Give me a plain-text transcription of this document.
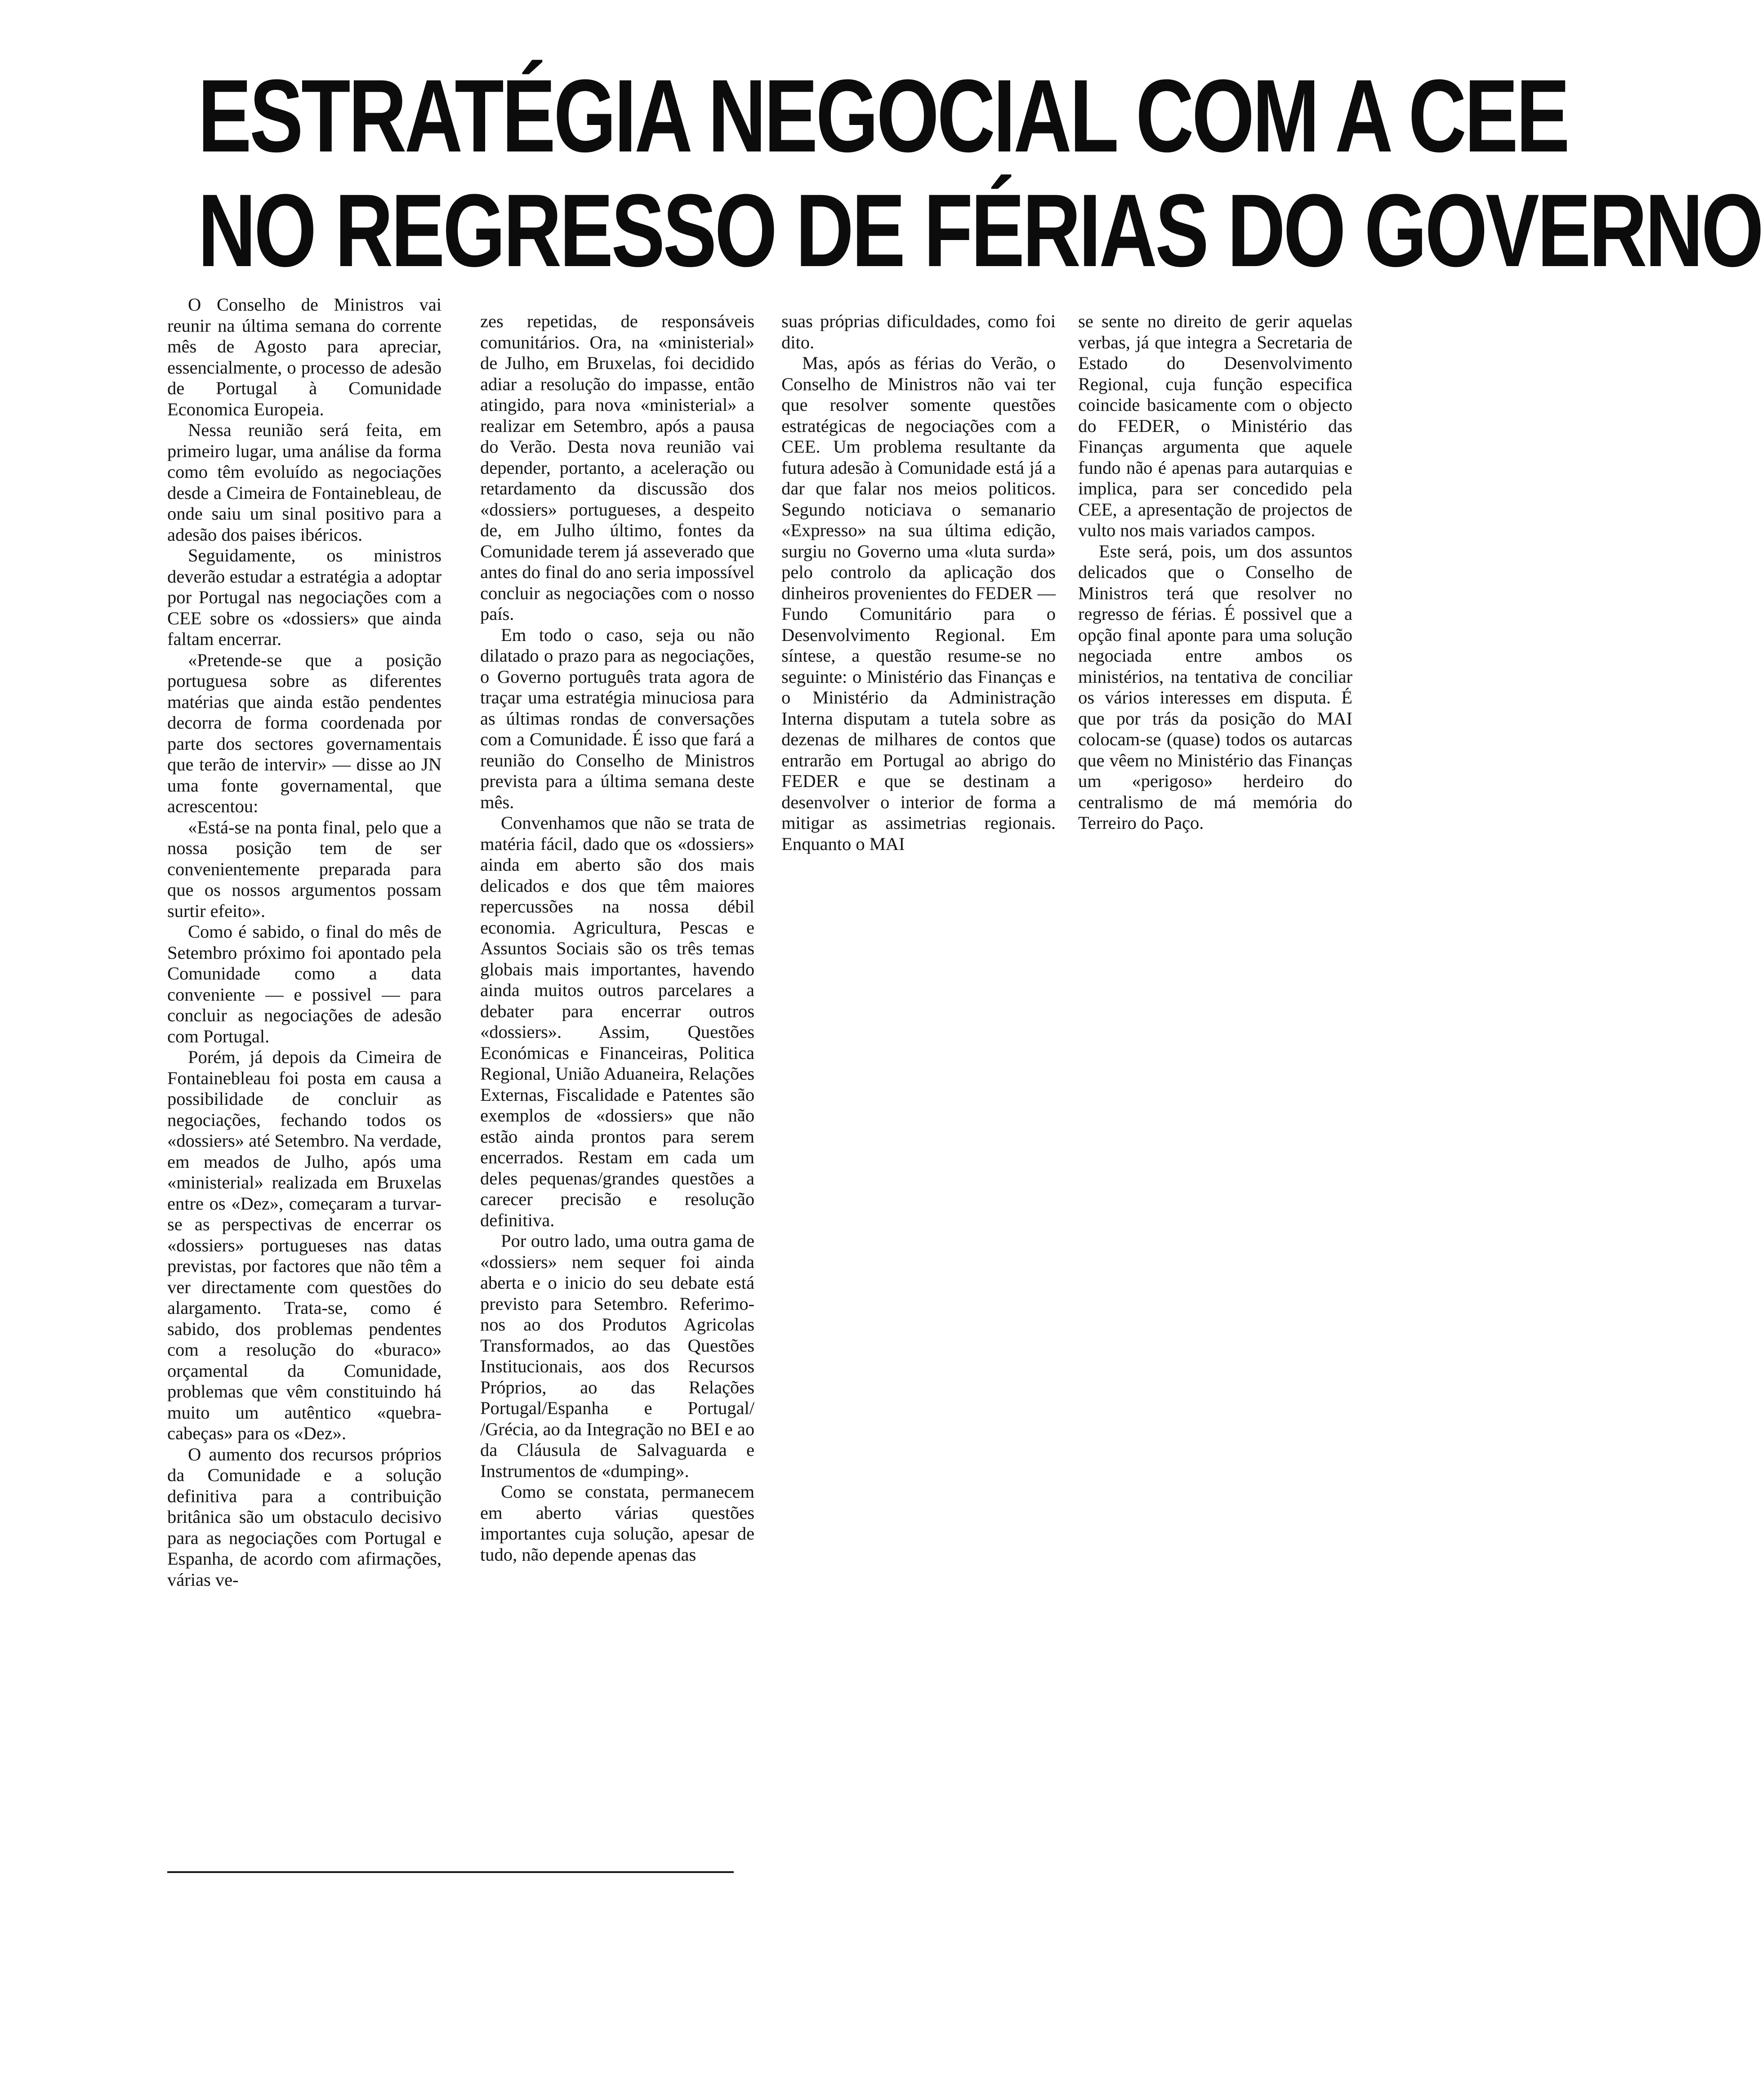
ESTRATÉGIA NEGOCIAL COM A CEE
NO REGRESSO DE FÉRIAS DO GOVERNO

O Conselho de Ministros vai reunir na última semana do corrente mês de Agosto para apreciar, essencialmente, o processo de adesão de Portugal à Comunidade Economica Europeia.

Nessa reunião será feita, em primeiro lugar, uma análise da forma como têm evoluído as negociações desde a Cimeira de Fontainebleau, de onde saiu um sinal positivo para a adesão dos paises ibéricos.

Seguidamente, os ministros deverão estudar a estratégia a adoptar por Portugal nas negociações com a CEE sobre os «dossiers» que ainda faltam encerrar.

«Pretende-se que a posição portuguesa sobre as diferentes matérias que ainda estão pendentes decorra de forma coordenada por parte dos sectores governamentais que terão de intervir» — disse ao JN uma fonte governamental, que acrescentou:

«Está-se na ponta final, pelo que a nossa posição tem de ser convenientemente preparada para que os nossos argumentos possam surtir efeito».

Como é sabido, o final do mês de Setembro próximo foi apontado pela Comunidade como a data conveniente — e possivel — para concluir as negociações de adesão com Portugal.

Porém, já depois da Cimeira de Fontainebleau foi posta em causa a possibilidade de concluir as negociações, fechando todos os «dossiers» até Setembro. Na verdade, em meados de Julho, após uma «ministerial» realizada em Bruxelas entre os «Dez», começaram a turvar-se as perspectivas de encerrar os «dossiers» portugueses nas datas previstas, por factores que não têm a ver directamente com questões do alargamento. Trata-se, como é sabido, dos problemas pendentes com a resolução do «buraco» orçamental da Comunidade, problemas que vêm constituindo há muito um autêntico «quebra-cabeças» para os «Dez».

O aumento dos recursos próprios da Comunidade e a solução definitiva para a contribuição britânica são um obstaculo decisivo para as negociações com Portugal e Espanha, de acordo com afirmações, várias ve-

zes repetidas, de responsáveis comunitários. Ora, na «ministerial» de Julho, em Bruxelas, foi decidido adiar a resolução do impasse, então atingido, para nova «ministerial» a realizar em Setembro, após a pausa do Verão. Desta nova reunião vai depender, portanto, a aceleração ou retardamento da discussão dos «dossiers» portugueses, a despeito de, em Julho último, fontes da Comunidade terem já asseverado que antes do final do ano seria impossível concluir as negociações com o nosso país.

Em todo o caso, seja ou não dilatado o prazo para as negociações, o Governo português trata agora de traçar uma estratégia minuciosa para as últimas rondas de conversações com a Comunidade. É isso que fará a reunião do Conselho de Ministros prevista para a última semana deste mês.

Convenhamos que não se trata de matéria fácil, dado que os «dossiers» ainda em aberto são dos mais delicados e dos que têm maiores repercussões na nossa débil economia. Agricultura, Pescas e Assuntos Sociais são os três temas globais mais importantes, havendo ainda muitos outros parcelares a debater para encerrar outros «dossiers». Assim, Questões Económicas e Financeiras, Politica Regional, União Aduaneira, Relações Externas, Fiscalidade e Patentes são exemplos de «dossiers» que não estão ainda prontos para serem encerrados. Restam em cada um deles pequenas/grandes questões a carecer precisão e resolução definitiva.

Por outro lado, uma outra gama de «dossiers» nem sequer foi ainda aberta e o inicio do seu debate está previsto para Setembro. Referimo-nos ao dos Produtos Agricolas Transformados, ao das Questões Institucionais, aos dos Recursos Próprios, ao das Relações Portugal/Espanha e Portugal/ /Grécia, ao da Integração no BEI e ao da Cláusula de Salvaguarda e Instrumentos de «dumping».

Como se constata, permanecem em aberto várias questões importantes cuja solução, apesar de tudo, não depende apenas das

suas próprias dificuldades, como foi dito.

Mas, após as férias do Verão, o Conselho de Ministros não vai ter que resolver somente questões estratégicas de negociações com a CEE. Um problema resultante da futura adesão à Comunidade está já a dar que falar nos meios politicos. Segundo noticiava o semanario «Expresso» na sua última edição, surgiu no Governo uma «luta surda» pelo controlo da aplicação dos dinheiros provenientes do FEDER — Fundo Comunitário para o Desenvolvimento Regional. Em síntese, a questão resume-se no seguinte: o Ministério das Finanças e o Ministério da Administração Interna disputam a tutela sobre as dezenas de milhares de contos que entrarão em Portugal ao abrigo do FEDER e que se destinam a desenvolver o interior de forma a mitigar as assimetrias regionais. Enquanto o MAI

se sente no direito de gerir aquelas verbas, já que integra a Secretaria de Estado do Desenvolvimento Regional, cuja função especifica coincide basicamente com o objecto do FEDER, o Ministério das Finanças argumenta que aquele fundo não é apenas para autarquias e implica, para ser concedido pela CEE, a apresentação de projectos de vulto nos mais variados campos.

Este será, pois, um dos assuntos delicados que o Conselho de Ministros terá que resolver no regresso de férias. É possivel que a opção final aponte para uma solução negociada entre ambos os ministérios, na tentativa de conciliar os vários interesses em disputa. É que por trás da posição do MAI colocam-se (quase) todos os autarcas que vêem no Ministério das Finanças um «perigoso» herdeiro do centralismo de má memória do Terreiro do Paço.
